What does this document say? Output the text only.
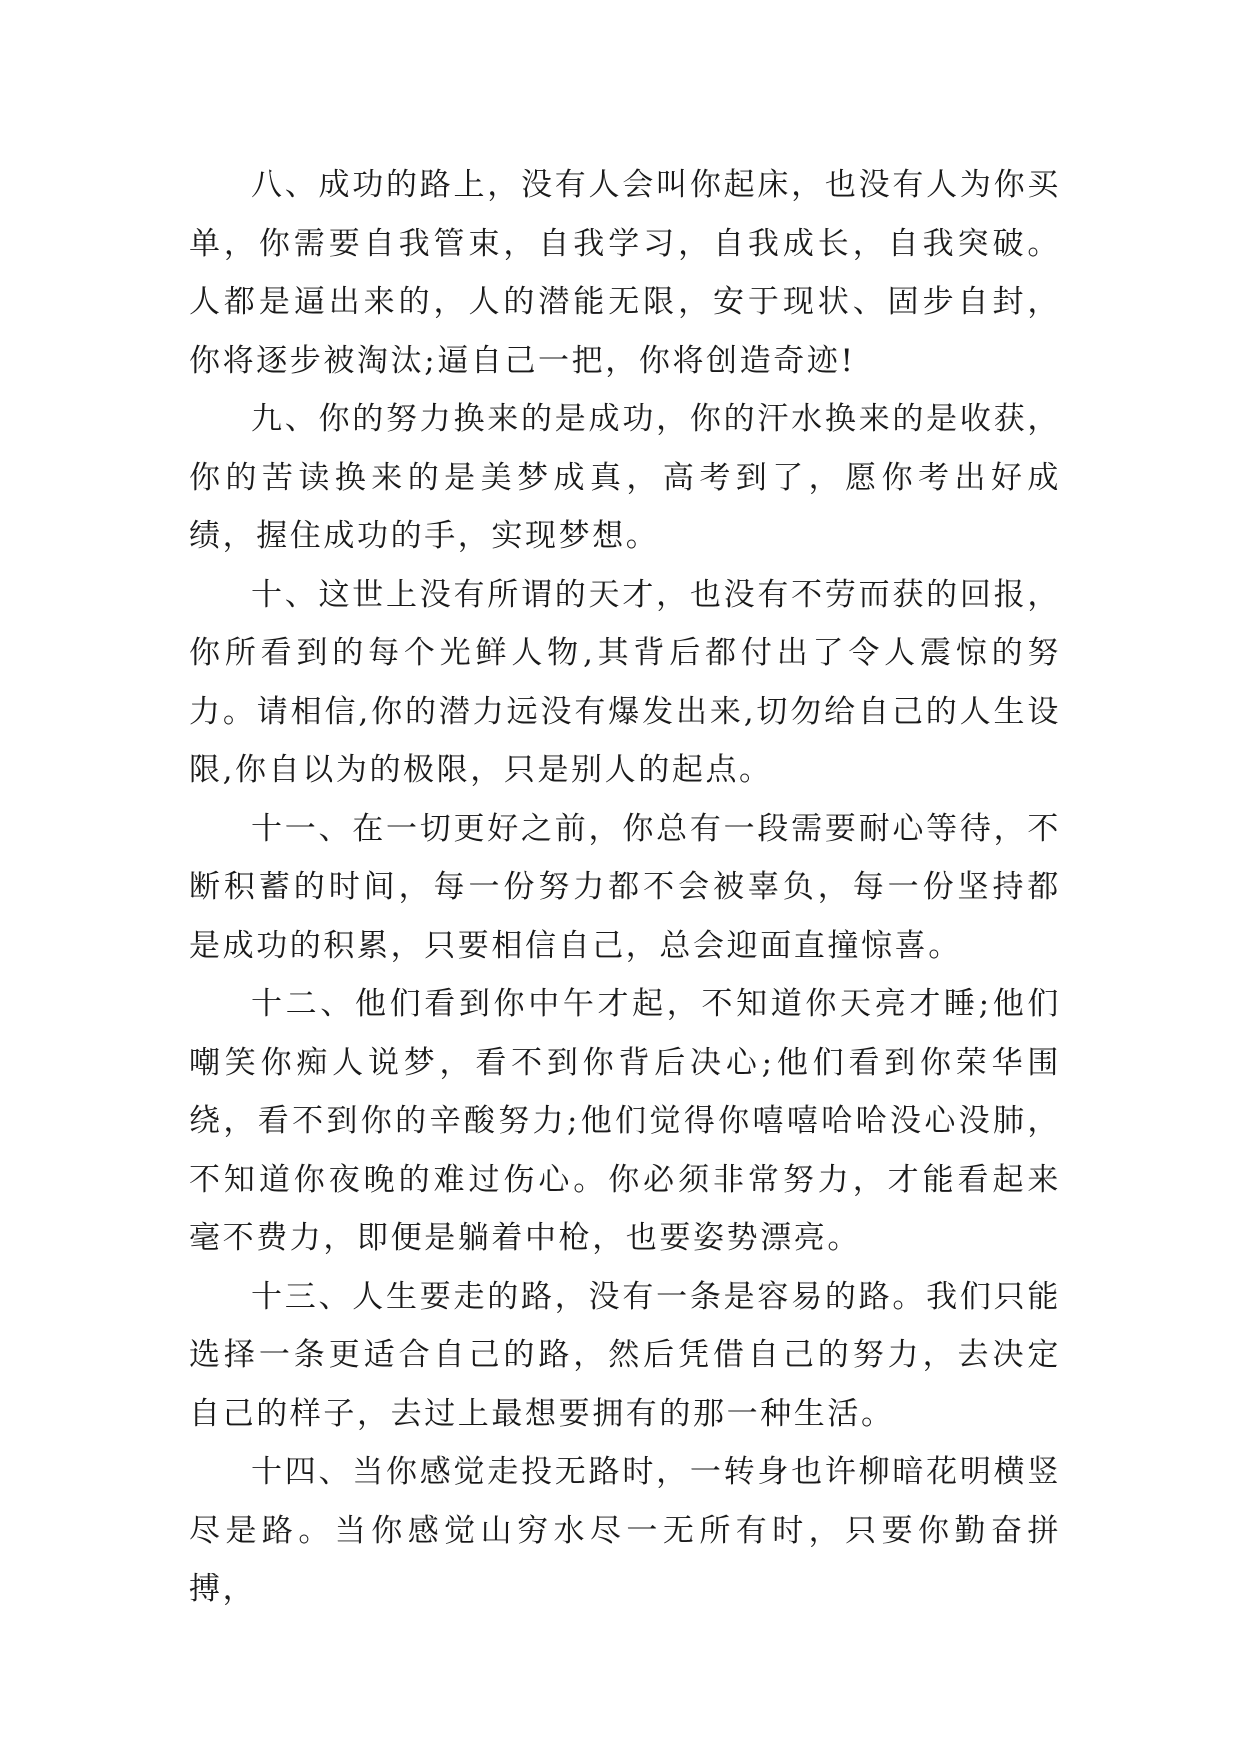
八、成功的路上，没有人会叫你起床，也没有人为你买单，你需要自我管束，自我学习，自我成长，自我突破。人都是逼出来的，人的潜能无限，安于现状、固步自封，你将逐步被淘汰;逼自己一把，你将创造奇迹!

九、你的努力换来的是成功，你的汗水换来的是收获，你的苦读换来的是美梦成真，高考到了，愿你考出好成绩，握住成功的手，实现梦想。

十、这世上没有所谓的天才，也没有不劳而获的回报，你所看到的每个光鲜人物,其背后都付出了令人震惊的努力。请相信,你的潜力远没有爆发出来,切勿给自己的人生设限,你自以为的极限，只是别人的起点。

十一、在一切更好之前，你总有一段需要耐心等待，不断积蓄的时间，每一份努力都不会被辜负，每一份坚持都是成功的积累，只要相信自己，总会迎面直撞惊喜。

十二、他们看到你中午才起，不知道你天亮才睡;他们嘲笑你痴人说梦，看不到你背后决心;他们看到你荣华围绕，看不到你的辛酸努力;他们觉得你嘻嘻哈哈没心没肺，不知道你夜晚的难过伤心。你必须非常努力，才能看起来毫不费力，即便是躺着中枪，也要姿势漂亮。

十三、人生要走的路，没有一条是容易的路。我们只能选择一条更适合自己的路，然后凭借自己的努力，去决定自己的样子，去过上最想要拥有的那一种生活。

十四、当你感觉走投无路时，一转身也许柳暗花明横竖尽是路。当你感觉山穷水尽一无所有时，只要你勤奋拼搏，
